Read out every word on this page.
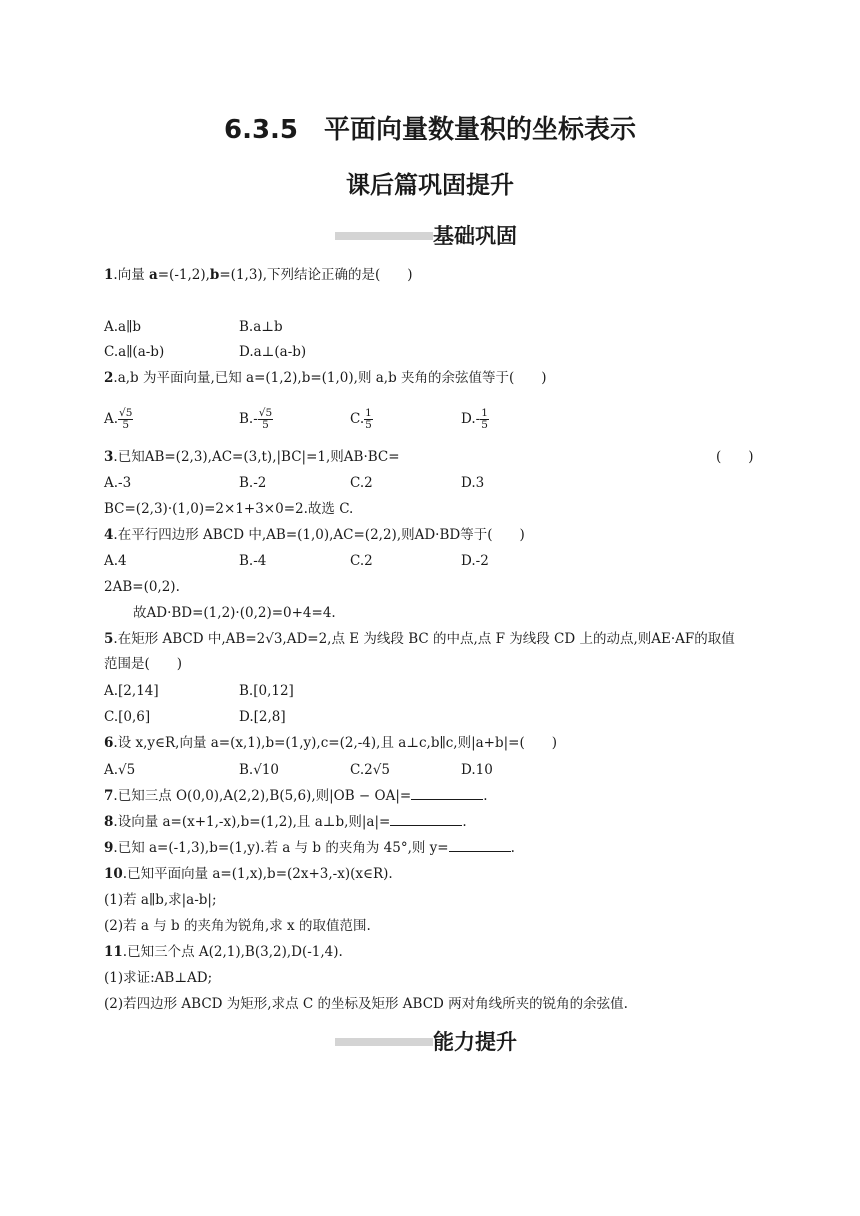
6.3.5　平面向量数量积的坐标表示
课后篇巩固提升
基础巩固
1.向量 a=(-1,2),b=(1,3),下列结论正确的是(　　)
A.a∥b	B.a⊥b
C.a∥(a-b)	D.a⊥(a-b)
2.a,b 为平面向量,已知 a=(1,2),b=(1,0),则 a,b 夹角的余弦值等于(　　)
A. $\frac{√5}{5}$	$B.- \frac{√5}{5}$	C. $\frac{1}{5}$	$D.- \frac{1}{5}$
3.已知AB=(2,3),AC=(3,t),|BC|=1,则AB·BC=	(　　)
A.-3	B.-2	C.2	D.3
BC=(2,3)·(1,0)=2×1+3×0=2.故选 C.
4.在平行四边形 ABCD 中,AB=(1,0),AC=(2,2),则AD·BD等于(　　)
A.4	B.-4	C.2	D.-2
2AB=(0,2).
故AD·BD=(1,2)·(0,2)=0+4=4.
5.在矩形 ABCD 中,AB=2√3,AD=2,点 E 为线段 BC 的中点,点 F 为线段 CD 上的动点,则AE·AF的取值
范围是(　　)
A.[2,14]	B.[0,12]
C.[0,6]	D.[2,8]
6.设 x,y∈R,向量 a=(x,1),b=(1,y),c=(2,-4),且 a⊥c,b∥c,则|a+b|=(　　)
A.√5	B.√10	C.2√5	D.10
7.已知三点 O(0,0),A(2,2),B(5,6),则|OB − OA|=	.
8.设向量 a=(x+1,-x),b=(1,2),且 a⊥b,则|a|=	.
9.已知 a=(-1,3),b=(1,y).若 a 与 b 的夹角为 45°,则 y=	.
10.已知平面向量 a=(1,x),b=(2x+3,-x)(x∈R).
(1)若 a∥b,求|a-b|;
(2)若 a 与 b 的夹角为锐角,求 x 的取值范围.
11.已知三个点 A(2,1),B(3,2),D(-1,4).
(1)求证:AB⊥AD;
(2)若四边形 ABCD 为矩形,求点 C 的坐标及矩形 ABCD 两对角线所夹的锐角的余弦值.
能力提升
